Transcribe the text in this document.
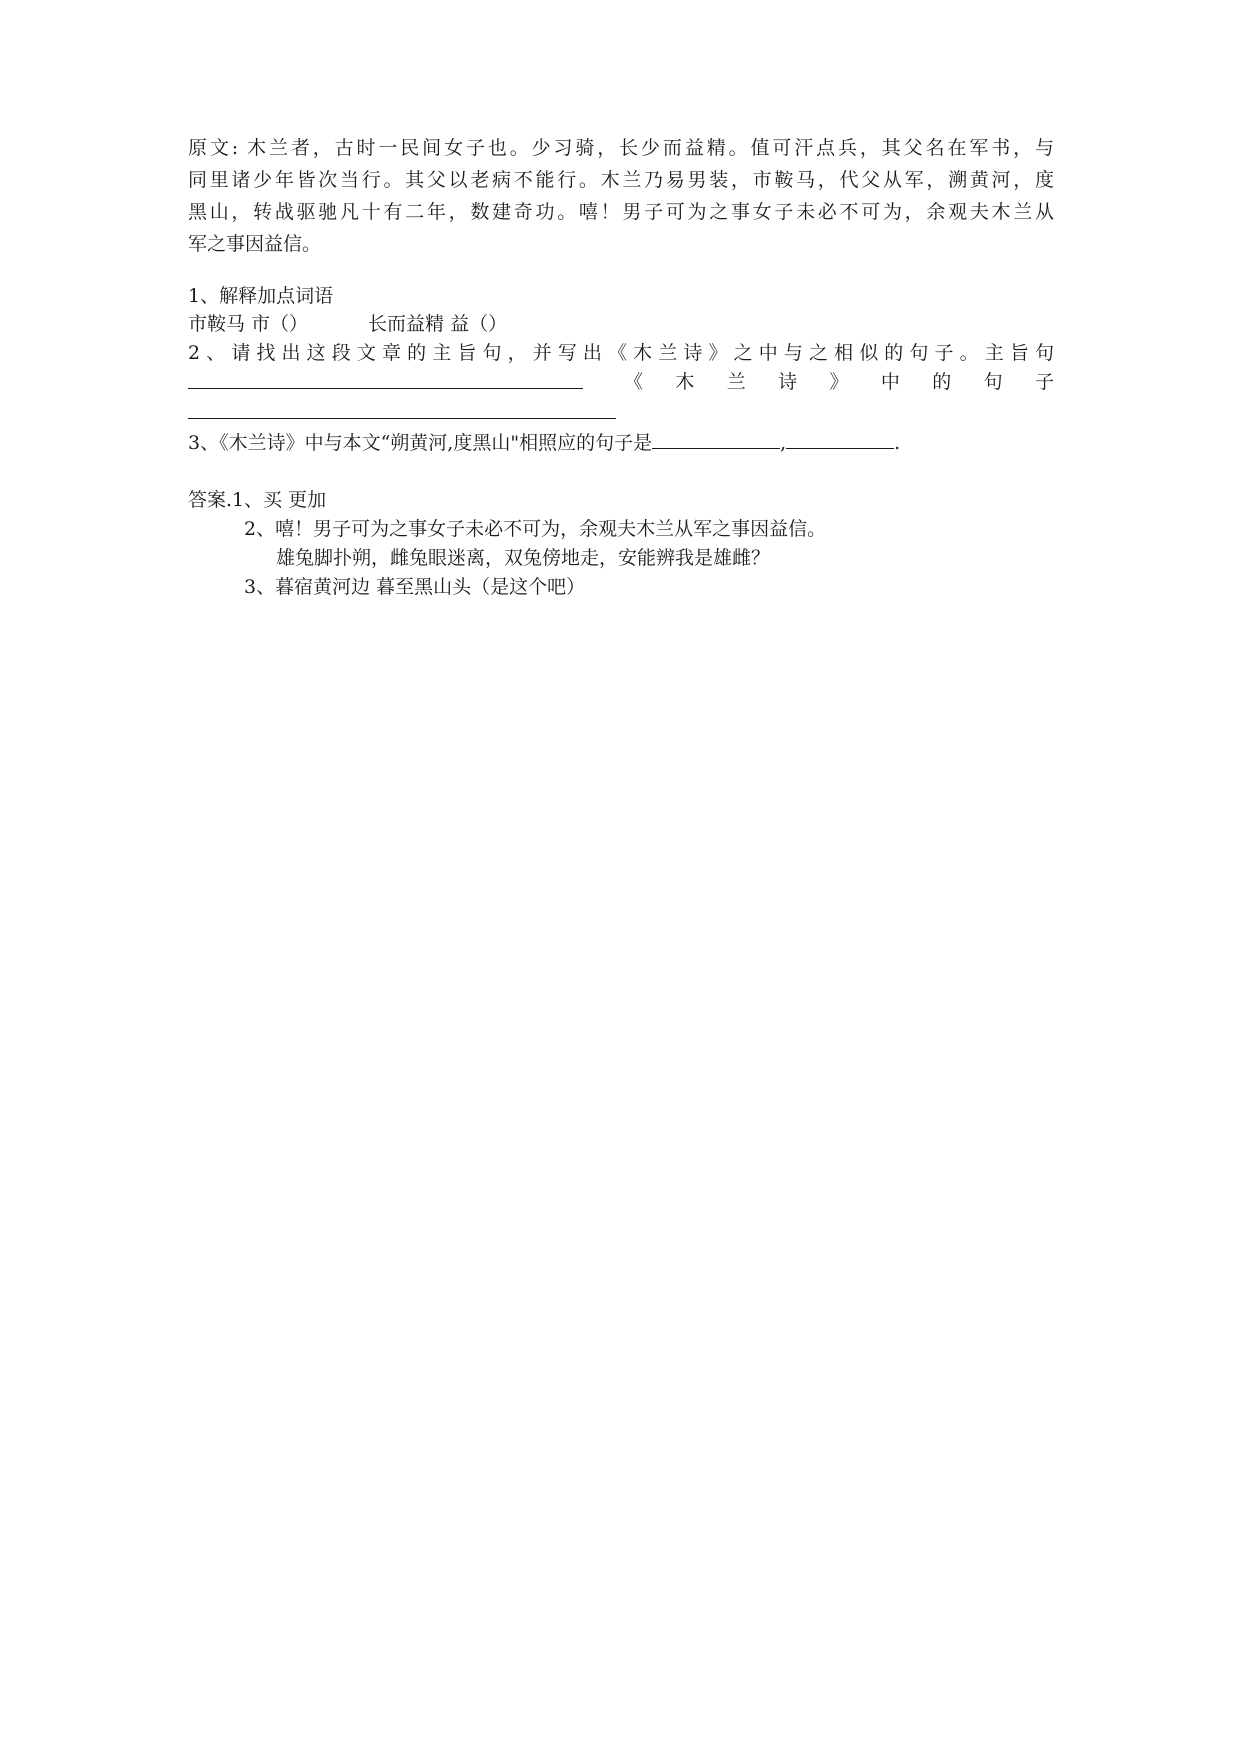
原文: 木兰者，古时一民间女子也。少习骑，长少而益精。值可汗点兵，其父名在军书，与
同里诸少年皆次当行。其父以老病不能行。木兰乃易男装，市鞍马，代父从军，溯黄河，度
黑山，转战驱驰凡十有二年，数建奇功。嘻！男子可为之事女子未必不可为，余观夫木兰从
军之事因益信。
1、解释加点词语
市鞍马 市（）	长而益精 益（）
2、请找出这段文章的主旨句，并写出《木兰诗》之中与之相似的句子。主旨句
《 木 兰 诗 》 中 的 句 子
3、《木兰诗》中与本文“朔黄河,度黑山"相照应的句子是	,	.
答案.1、买 更加
2、嘻！男子可为之事女子未必不可为，余观夫木兰从军之事因益信。
雄兔脚扑朔，雌兔眼迷离，双兔傍地走，安能辨我是雄雌？
3、暮宿黄河边 暮至黑山头（是这个吧）
